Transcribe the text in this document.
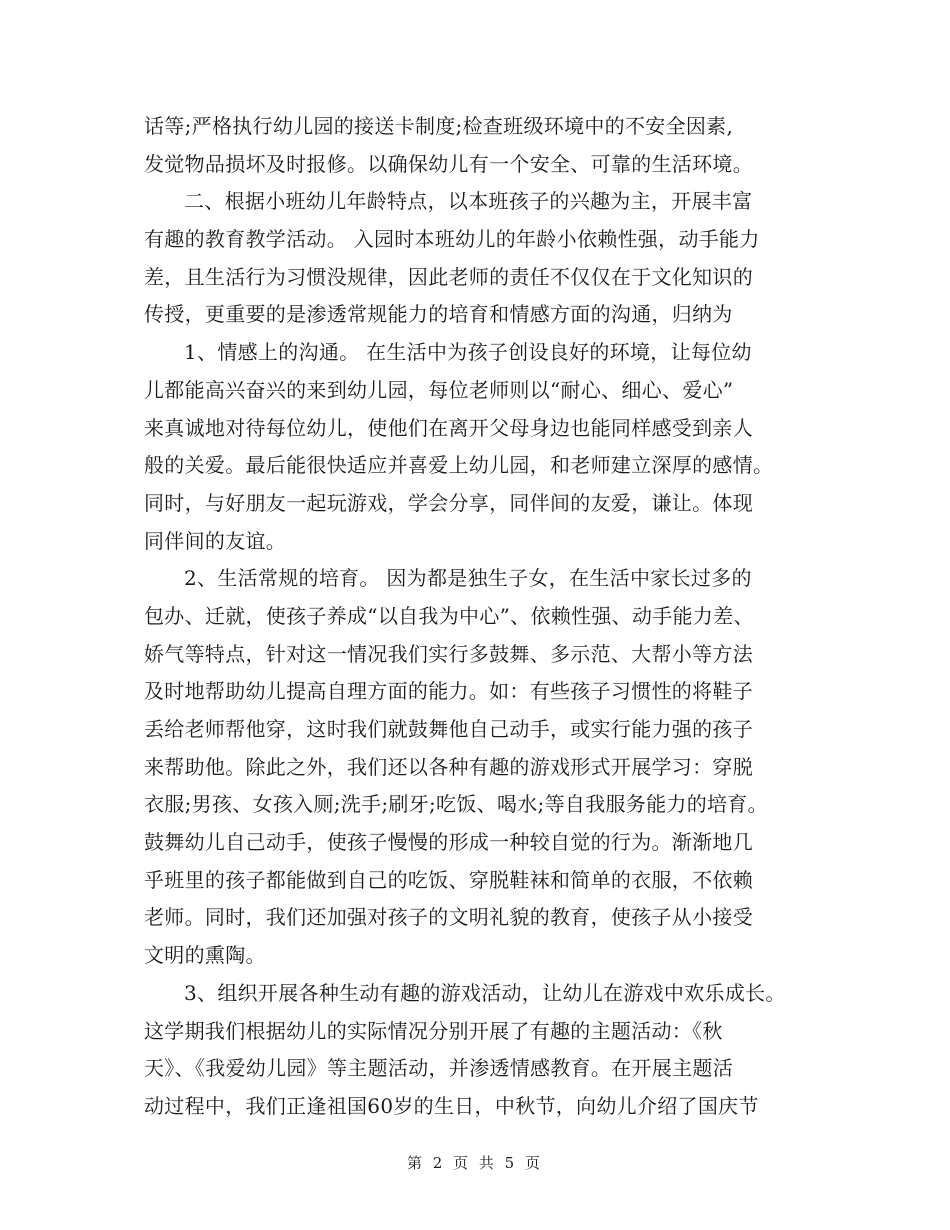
话等;严格执行幼儿园的接送卡制度;检查班级环境中的不安全因素,
发觉物品损坏及时报修。以确保幼儿有一个安全、可靠的生活环境。
二、根据小班幼儿年龄特点，以本班孩子的兴趣为主，开展丰富
有趣的教育教学活动。 入园时本班幼儿的年龄小依赖性强，动手能力
差，且生活行为习惯没规律，因此老师的责任不仅仅在于文化知识的
传授，更重要的是渗透常规能力的培育和情感方面的沟通，归纳为
1、情感上的沟通。 在生活中为孩子创设良好的环境，让每位幼
儿都能高兴奋兴的来到幼儿园，每位老师则以“耐心、细心、爱心”
来真诚地对待每位幼儿，使他们在离开父母身边也能同样感受到亲人
般的关爱。最后能很快适应并喜爱上幼儿园，和老师建立深厚的感情。
同时，与好朋友一起玩游戏，学会分享，同伴间的友爱，谦让。体现
同伴间的友谊。
2、生活常规的培育。 因为都是独生子女，在生活中家长过多的
包办、迁就，使孩子养成“以自我为中心”、依赖性强、动手能力差、
娇气等特点，针对这一情况我们实行多鼓舞、多示范、大帮小等方法
及时地帮助幼儿提高自理方面的能力。如：有些孩子习惯性的将鞋子
丢给老师帮他穿，这时我们就鼓舞他自己动手，或实行能力强的孩子
来帮助他。除此之外，我们还以各种有趣的游戏形式开展学习：穿脱
衣服;男孩、女孩入厕;洗手;刷牙;吃饭、喝水;等自我服务能力的培育。
鼓舞幼儿自己动手，使孩子慢慢的形成一种较自觉的行为。渐渐地几
乎班里的孩子都能做到自己的吃饭、穿脱鞋袜和简单的衣服，不依赖
老师。同时，我们还加强对孩子的文明礼貌的教育，使孩子从小接受
文明的熏陶。
3、组织开展各种生动有趣的游戏活动，让幼儿在游戏中欢乐成长。
这学期我们根据幼儿的实际情况分别开展了有趣的主题活动：《秋
天》、《我爱幼儿园》等主题活动，并渗透情感教育。在开展主题活
动过程中，我们正逢祖国60岁的生日，中秋节，向幼儿介绍了国庆节
第 2 页 共 5 页
